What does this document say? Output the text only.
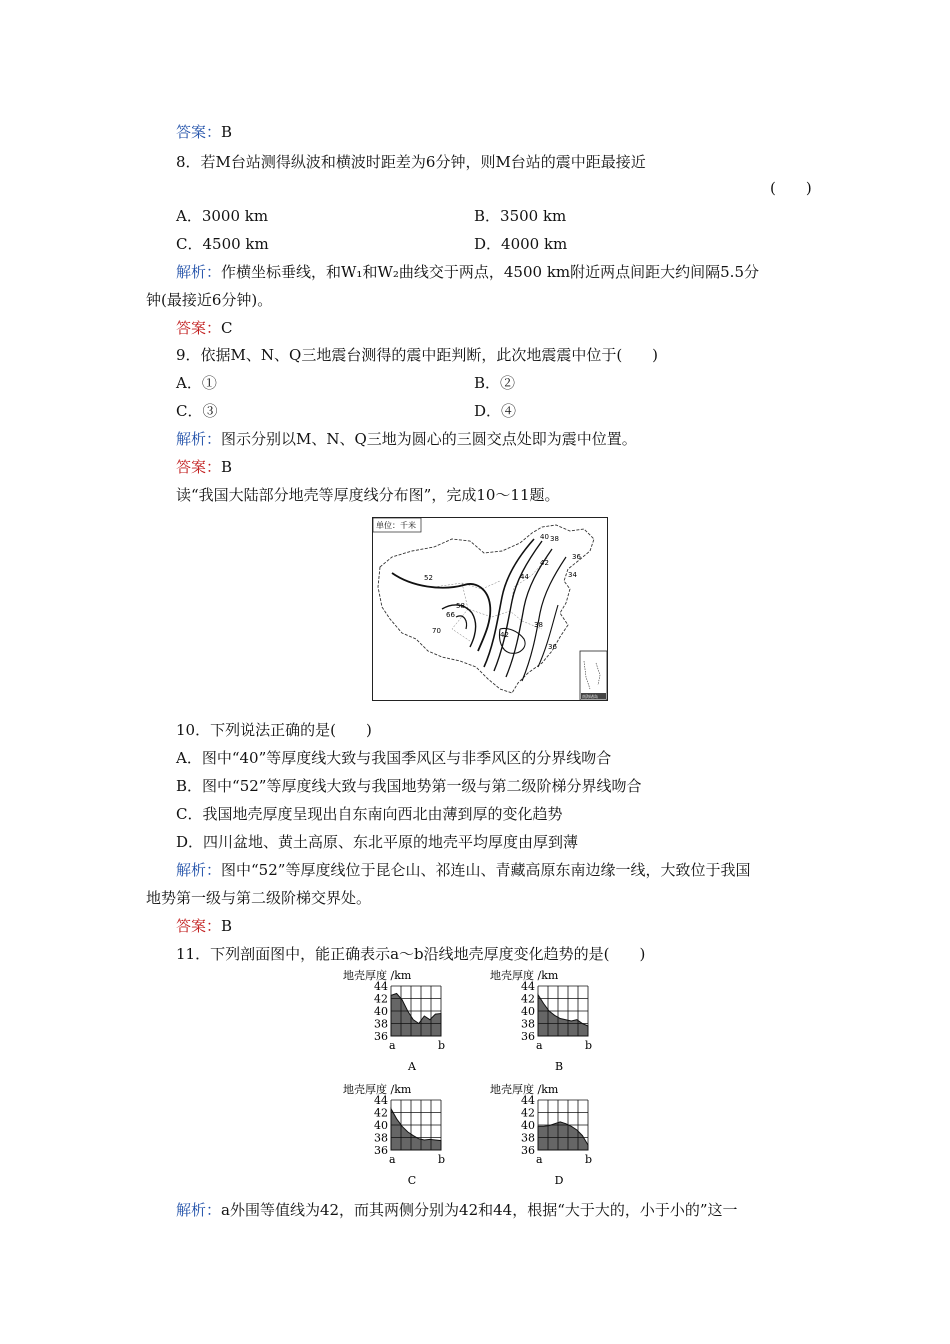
答案：B
8．若M台站测得纵波和横波时距差为6分钟，则M台站的震中距最接近
(　　)
A．3000 km	B．3500 km
C．4500 km	D．4000 km
解析：作横坐标垂线，和W₁和W₂曲线交于两点，4500 km附近两点间距大约间隔5.5分
钟(最接近6分钟)。
答案：C
9．依据M、N、Q三地震台测得的震中距判断，此次地震震中位于(　　)
A．①	B．②
C．③	D．④
解析：图示分别以M、N、Q三地为圆心的三圆交点处即为震中位置。
答案：B
读“我国大陆部分地壳等厚度线分布图”，完成10～11题。
单位：千米
52
58
66
70
40 38
36
42
44	34
42
38
36
南海诸岛
10．下列说法正确的是(　　)
A．图中“40”等厚度线大致与我国季风区与非季风区的分界线吻合
B．图中“52”等厚度线大致与我国地势第一级与第二级阶梯分界线吻合
C．我国地壳厚度呈现出自东南向西北由薄到厚的变化趋势
D．四川盆地、黄土高原、东北平原的地壳平均厚度由厚到薄
解析：图中“52”等厚度线位于昆仑山、祁连山、青藏高原东南边缘一线，大致位于我国
地势第一级与第二级阶梯交界处。
答案：B
11．下列剖面图中，能正确表示a～b沿线地壳厚度变化趋势的是(　　)
地壳厚度 /km
44
42
40
38
36
a	b
A
地壳厚度 /km
44
42
40
38
36
a	b
B
地壳厚度 /km
44
42
40
38
36
a	b
C
地壳厚度 /km
44
42
40
38
36
a	b
D
解析：a外围等值线为42，而其两侧分别为42和44，根据“大于大的，小于小的”这一
